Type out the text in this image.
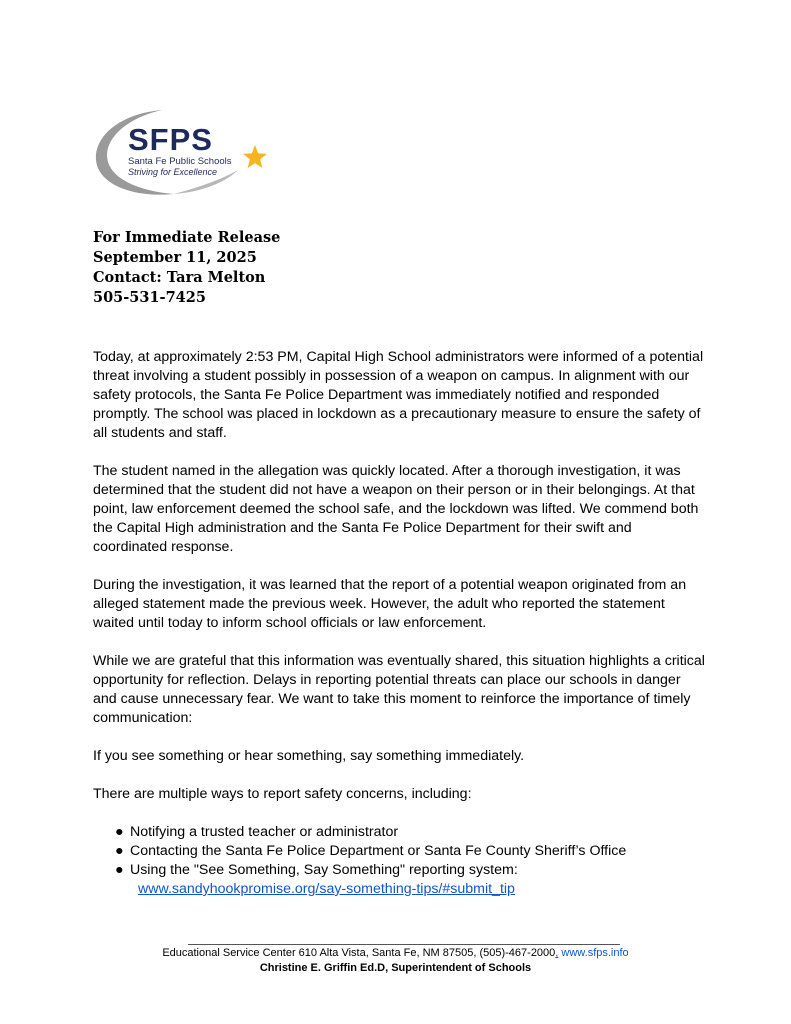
SFPS
Santa Fe Public Schools
Striving for Excellence
For Immediate Release
September 11, 2025
Contact: Tara Melton
505-531-7425

Today, at approximately 2:53 PM, Capital High School administrators were informed of a potential threat involving a student possibly in possession of a weapon on campus. In alignment with our safety protocols, the Santa Fe Police Department was immediately notified and responded promptly. The school was placed in lockdown as a precautionary measure to ensure the safety of all students and staff.

The student named in the allegation was quickly located. After a thorough investigation, it was determined that the student did not have a weapon on their person or in their belongings. At that point, law enforcement deemed the school safe, and the lockdown was lifted. We commend both the Capital High administration and the Santa Fe Police Department for their swift and coordinated response.

During the investigation, it was learned that the report of a potential weapon originated from an alleged statement made the previous week. However, the adult who reported the statement waited until today to inform school officials or law enforcement.

While we are grateful that this information was eventually shared, this situation highlights a critical opportunity for reflection. Delays in reporting potential threats can place our schools in danger and cause unnecessary fear. We want to take this moment to reinforce the importance of timely communication:

If you see something or hear something, say something immediately.

There are multiple ways to report safety concerns, including:

● Notifying a trusted teacher or administrator
● Contacting the Santa Fe Police Department or Santa Fe County Sheriff’s Office
● Using the "See Something, Say Something" reporting system:
www.sandyhookpromise.org/say-something-tips/#submit_tip
Educational Service Center 610 Alta Vista, Santa Fe, NM 87505, (505)-467-2000, www.sfps.info
Christine E. Griffin Ed.D, Superintendent of Schools
